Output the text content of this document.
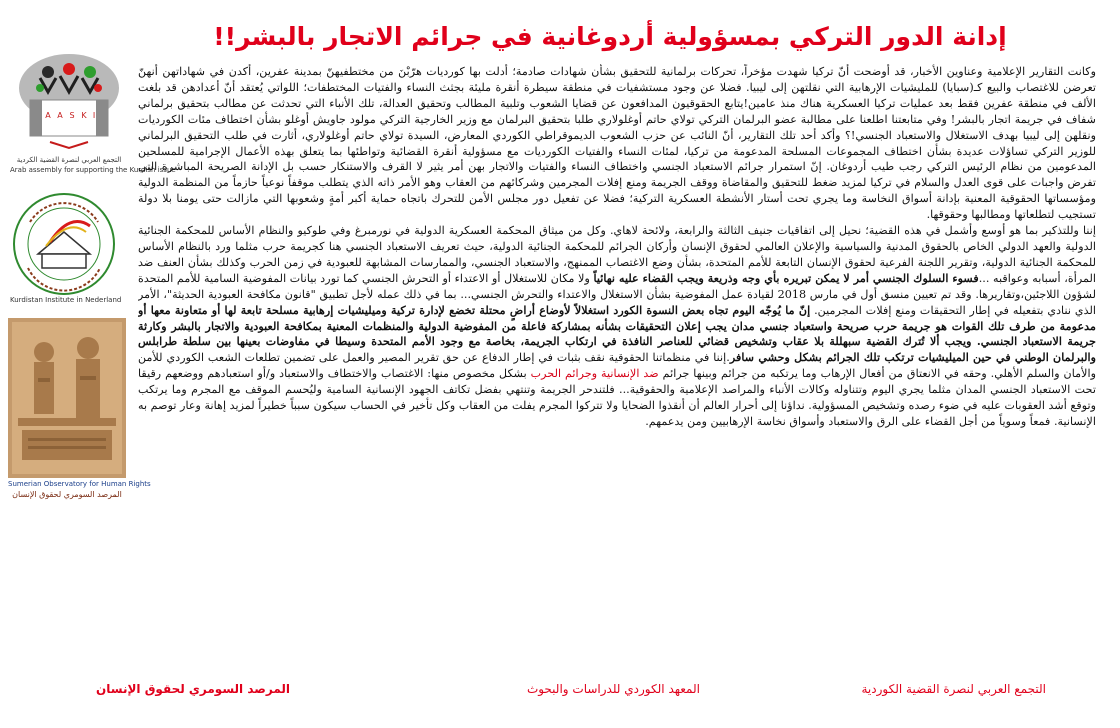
إدانة الدور التركي بمسؤولية أردوغانية في جرائم الاتجار بالبشر!!
A A S K I
التجمع العربي لنصرة القضية الكردية
Arab assembly for supporting the Kurdish issue
Kurdistan Institute in Nederland
Sumerian Observatory for Human Rights
المرصد السومري لحقوق الإنسان

وكانت التقارير الإعلامية وعناوين الأخبار، قد أوضحت أنّ تركيا شهدت مؤخراً، تحركات برلمانية للتحقيق بشأن شهادات صادمة؛ أدلت بها كورديات هرّبْنَ من مختطفيهنّ بمدينة عفرين، أكدن في شهاداتهن أنهنّ تعرضن للاغتصاب والبيع كـ(سبايا) للمليشيات الإرهابية التي نقلتهن إلى ليبيا. فضلا عن وجود مستشفيات في منطقة سيطرة أنقرة مليئة بجثث النساء والفتيات المختطفات؛ اللواتي يُعتقد أنّ أعدادهن قد بلغت الألف في منطقة عفرين فقط بعد عمليات تركيا العسكرية هناك منذ عامين!يتابع الحقوقيون المدافعون عن قضايا الشعوب وتلبية المطالب وتحقيق العدالة، تلك الأنباء التي تحدثت عن مطالب بتحقيق برلماني شفاف في جريمة اتجار بالبشر! وفي متابعتنا اطلعنا على مطالبة عضو البرلمان التركي تولاي حاتم أوغلولاري طلبا بتحقيق البرلمان مع وزير الخارجية التركي مولود جاويش أوغلو بشأن اختطاف مئات الكورديات ونقلهن إلى ليبيا بهدف الاستغلال والاستعباد الجنسي!؟ وأكد أحد تلك التقارير، أنّ النائب عن حزب الشعوب الديموقراطي الكوردي المعارض، السيدة تولاي حاتم أوغلولاري، أثارت في طلب التحقيق البرلماني للوزير التركي تساؤلات عديدة بشأن اختطاف المجموعات المسلحة المدعومة من تركيا، لمئات النساء والفتيات الكورديات مع مسؤولية أنقرة القضائية وتواطئها بما يتعلق بهذه الأعمال الإجرامية للمسلحين المدعومين من نظام الرئيس التركي رجب طيب أردوغان. إنّ استمرار جرائم الاستعباد الجنسي واختطاف النساء والفتيات والاتجار بهن أمر يثير لا القرف والاستنكار حسب بل الإدانة الصريحة المباشرة التي تفرض واجبات على قوى العدل والسلام في تركيا لمزيد ضغط للتحقيق والمقاضاة ووقف الجريمة ومنع إفلات المجرمين وشركائهم من العقاب وهو الأمر ذاته الذي يتطلب موقفاً نوعياً حازماً من المنظمة الدولية ومؤسساتها الحقوقية المعنية بإدانة أسواق النخاسة وما يجري تحت أستار الأنشطة العسكرية التركية؛ فضلا عن تفعيل دور مجلس الأمن للتحرك باتجاه حماية أكبر أمةٍ وشعوبها التي مازالت حتى يومنا بلا دولة تستجيب لتطلعاتها ومطالبها وحقوقها.

إننا وللتذكير بما هو أوسع وأشمل في هذه القضية؛ نحيل إلى اتفاقيات جنيف الثالثة والرابعة، ولائحة لاهاي. وكل من ميثاق المحكمة العسكرية الدولية في نورمبرغ وفي طوكيو والنظام الأساس للمحكمة الجنائية الدولية والعهد الدولي الخاص بالحقوق المدنية والسياسية والإعلان العالمي لحقوق الإنسان وأركان الجرائم للمحكمة الجنائية الدولية، حيث تعريف الاستعباد الجنسي هنا كجريمة حرب مثلما ورد بالنظام الأساس للمحكمة الجنائية الدولية، وتقرير اللجنة الفرعية لحقوق الإنسان التابعة للأمم المتحدة، بشأن وضع الاغتصاب الممنهج، والاستعباد الجنسي، والممارسات المشابهة للعبودية في زمن الحرب وكذلك بشأن العنف ضد المرأة، أسبابه وعواقبه ...فسوء السلوك الجنسي أمر لا يمكن تبريره بأي وجه وذريعة ويجب القضاء عليه نهائياً ولا مكان للاستغلال أو الاعتداء أو التحرش الجنسي كما تورد بيانات المفوضية السامية للأمم المتحدة لشؤون اللاجئين،وتقاريرها. وقد تم تعيين منسق أول في مارس 2018 لقيادة عمل المفوضية بشأن الاستغلال والاعتداء والتحرش الجنسي... بما في ذلك عمله لأجل تطبيق "قانون مكافحة العبودية الحديثة"، الأمر الذي ننادي بتفعيله في إطار التحقيقات ومنع إفلات المجرمين. إنّ ما يُوجّه اليوم تجاه بعض النسوة الكورد استغلالاً لأوضاع أراضٍ محتلة تخضع لإدارة تركية وميليشيات إرهابية مسلحة تابعة لها أو متعاونة معها أو مدعومة من طرف تلك القوات هو جريمة حرب صريحة واستعباد جنسي مدان يجب إعلان التحقيقات بشأنه بمشاركة فاعلة من المفوضية الدولية والمنظمات المعنية بمكافحة العبودية والاتجار بالبشر وكارثة جريمة الاستعباد الجنسي. ويجب ألا تُترك القضية سبهللة بلا عقاب وتشخيص قضائي للعناصر النافذة في ارتكاب الجريمة، بخاصة مع وجود الأمم المتحدة وسيطا في مفاوضات بعينها بين سلطة طرابلس والبرلمان الوطني في حين الميليشيات ترتكب تلك الجرائم بشكل وحشي سافر.إننا في منظماتنا الحقوقية نقف بثبات في إطار الدفاع عن حق تقرير المصير والعمل على تضمين تطلعات الشعب الكوردي للأمن والأمان والسلم الأهلي. وحقه في الانعتاق من أفعال الإرهاب وما يرتكبه من جرائم وبينها جرائم ضد الإنسانية وجرائم الحرب بشكل مخصوص منها: الاغتصاب والاختطاف والاستعباد و/أو استعبادهم ووضعهم رقيقا تحت الاستعباد الجنسي المدان مثلما يجري اليوم وتتناوله وكالات الأنباء والمراصد الإعلامية والحقوقية... فلتندحر الجريمة وتنتهي بفضل تكاتف الجهود الإنسانية السامية وليُحسم الموقف مع المجرم وما يرتكب وتوقع أشد العقوبات عليه في ضوء رصده وتشخيص المسؤولية. نداؤنا إلى أحرار العالم أن أنقذوا الضحايا ولا تتركوا المجرم يفلت من العقاب وكل تأخير في الحساب سيكون سبباً خطيراً لمزيد إهانة وعار توصم به الإنسانية. فمعاً وسوياً من أجل القضاء على الرق والاستعباد وأسواق نخاسة الإرهابيين ومن يدعمهم.

التجمع العربي لنصرة القضية الكوردية
المعهد الكوردي للدراسات والبحوث
المرصد السومري لحقوق الإنسان
